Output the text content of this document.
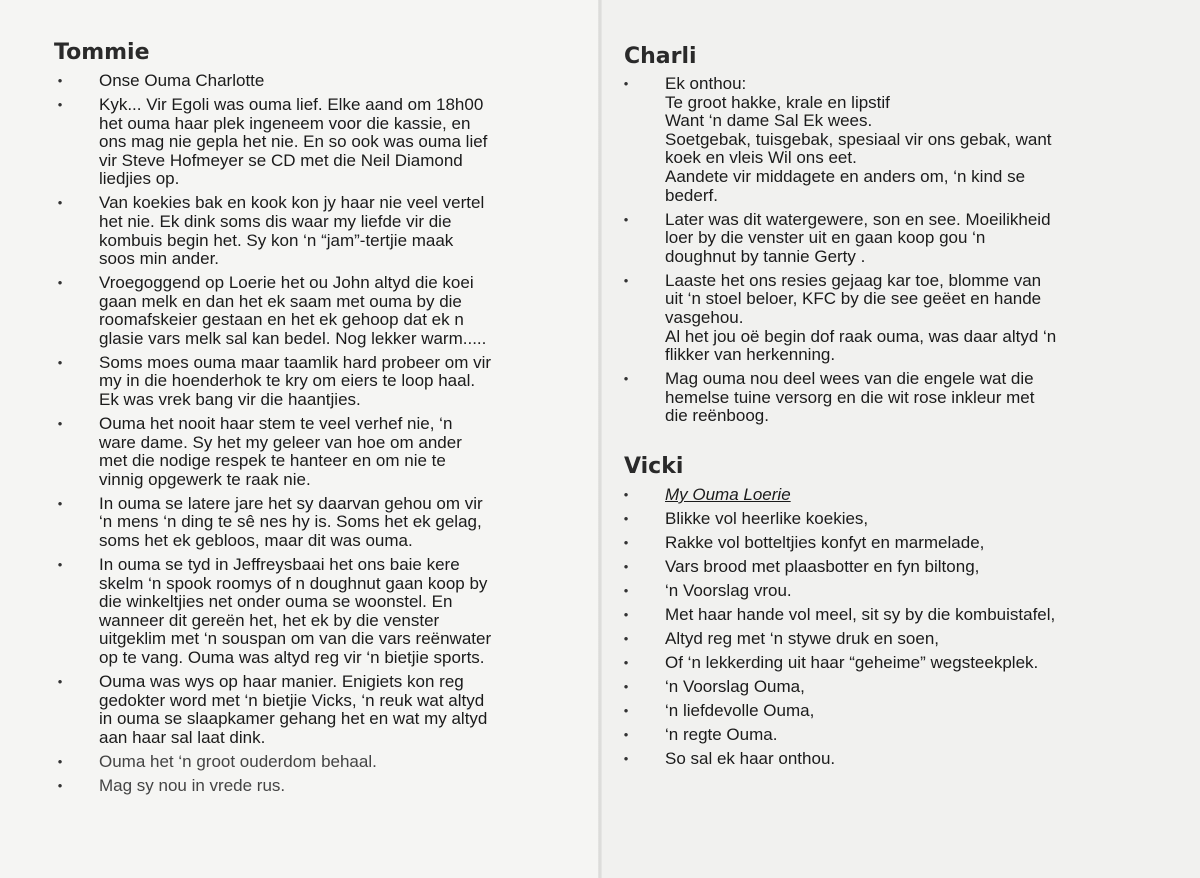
Tommie
• Onse Ouma Charlotte
• Kyk... Vir Egoli was ouma lief. Elke aand om 18h00
het ouma haar plek ingeneem voor die kassie, en
ons mag nie gepla het nie. En so ook was ouma lief
vir Steve Hofmeyer se CD met die Neil Diamond
liedjies op.
• Van koekies bak en kook kon jy haar nie veel vertel
het nie. Ek dink soms dis waar my liefde vir die
kombuis begin het. Sy kon ‘n “jam”-tertjie maak
soos min ander.
• Vroegoggend op Loerie het ou John altyd die koei
gaan melk en dan het ek saam met ouma by die
roomafskeier gestaan en het ek gehoop dat ek n
glasie vars melk sal kan bedel. Nog lekker warm.....
• Soms moes ouma maar taamlik hard probeer om vir
my in die hoenderhok te kry om eiers te loop haal.
Ek was vrek bang vir die haantjies.
• Ouma het nooit haar stem te veel verhef nie, ‘n
ware dame. Sy het my geleer van hoe om ander
met die nodige respek te hanteer en om nie te
vinnig opgewerk te raak nie.
• In ouma se latere jare het sy daarvan gehou om vir
‘n mens ‘n ding te sê nes hy is. Soms het ek gelag,
soms het ek gebloos, maar dit was ouma.
• In ouma se tyd in Jeffreysbaai het ons baie kere
skelm ‘n spook roomys of n doughnut gaan koop by
die winkeltjies net onder ouma se woonstel. En
wanneer dit gereën het, het ek by die venster
uitgeklim met ‘n souspan om van die vars reënwater
op te vang. Ouma was altyd reg vir ‘n bietjie sports.
• Ouma was wys op haar manier. Enigiets kon reg
gedokter word met ‘n bietjie Vicks, ‘n reuk wat altyd
in ouma se slaapkamer gehang het en wat my altyd
aan haar sal laat dink.
• Ouma het ‘n groot ouderdom behaal.
• Mag sy nou in vrede rus.
Charli
• Ek onthou:
Te groot hakke, krale en lipstif
Want ‘n dame Sal Ek wees.
Soetgebak, tuisgebak, spesiaal vir ons gebak, want
koek en vleis Wil ons eet.
Aandete vir middagete en anders om, ‘n kind se
bederf.
• Later was dit watergewere, son en see. Moeilikheid
loer by die venster uit en gaan koop gou ‘n
doughnut by tannie Gerty .
• Laaste het ons resies gejaag kar toe, blomme van
uit ‘n stoel beloer, KFC by die see geëet en hande
vasgehou.
Al het jou oë begin dof raak ouma, was daar altyd ‘n
flikker van herkenning.
• Mag ouma nou deel wees van die engele wat die
hemelse tuine versorg en die wit rose inkleur met
die reënboog.
Vicki
• My Ouma Loerie
• Blikke vol heerlike koekies,
• Rakke vol botteltjies konfyt en marmelade,
• Vars brood met plaasbotter en fyn biltong,
• ‘n Voorslag vrou.
• Met haar hande vol meel, sit sy by die kombuistafel,
• Altyd reg met ‘n stywe druk en soen,
• Of ‘n lekkerding uit haar “geheime” wegsteekplek.
• ‘n Voorslag Ouma,
• ‘n liefdevolle Ouma,
• ‘n regte Ouma.
• So sal ek haar onthou.
